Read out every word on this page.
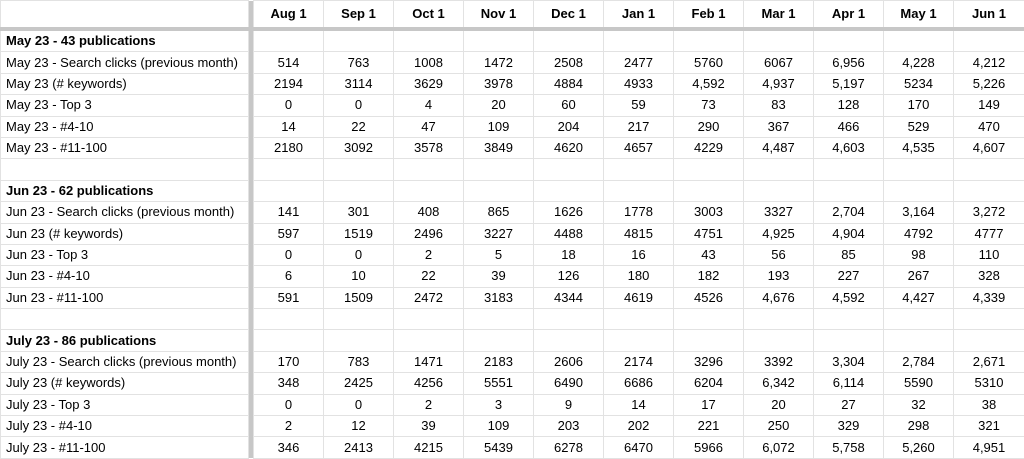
		Aug 1	Sep 1	Oct 1	Nov 1	Dec 1	Jan 1	Feb 1	Mar 1	Apr 1	May 1	Jun 1
May 23 - 43 publications												
May 23 - Search clicks (previous month)		514	763	1008	1472	2508	2477	5760	6067	6,956	4,228	4,212
May 23 (# keywords)		2194	3114	3629	3978	4884	4933	4,592	4,937	5,197	5234	5,226
May 23 - Top 3		0	0	4	20	60	59	73	83	128	170	149
May 23 - #4-10		14	22	47	109	204	217	290	367	466	529	470
May 23 - #11-100		2180	3092	3578	3849	4620	4657	4229	4,487	4,603	4,535	4,607

Jun 23 - 62 publications												
Jun 23 - Search clicks (previous month)		141	301	408	865	1626	1778	3003	3327	2,704	3,164	3,272
Jun 23 (# keywords)		597	1519	2496	3227	4488	4815	4751	4,925	4,904	4792	4777
Jun 23 - Top 3		0	0	2	5	18	16	43	56	85	98	110
Jun 23 - #4-10		6	10	22	39	126	180	182	193	227	267	328
Jun 23 - #11-100		591	1509	2472	3183	4344	4619	4526	4,676	4,592	4,427	4,339

July 23 - 86 publications												
July 23 - Search clicks (previous month)		170	783	1471	2183	2606	2174	3296	3392	3,304	2,784	2,671
July 23 (# keywords)		348	2425	4256	5551	6490	6686	6204	6,342	6,114	5590	5310
July 23 - Top 3		0	0	2	3	9	14	17	20	27	32	38
July 23 - #4-10		2	12	39	109	203	202	221	250	329	298	321
July 23 - #11-100		346	2413	4215	5439	6278	6470	5966	6,072	5,758	5,260	4,951
